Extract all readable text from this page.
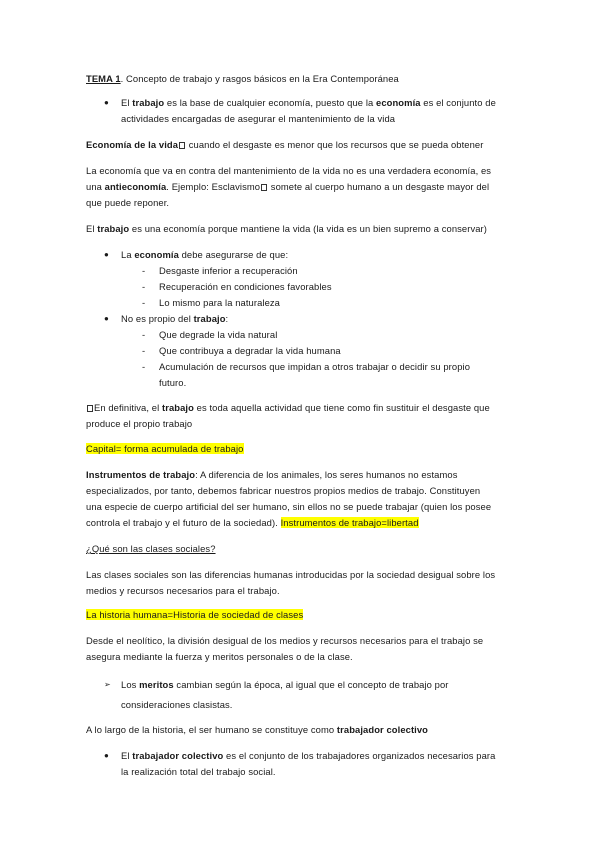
TEMA 1. Concepto de trabajo y rasgos básicos en la Era Contemporánea
● El trabajo es la base de cualquier economía, puesto que la economía es el conjunto de
actividades encargadas de asegurar el mantenimiento de la vida
Economía de la vida cuando el desgaste es menor que los recursos que se pueda obtener
La economía que va en contra del mantenimiento de la vida no es una verdadera economía, es
una antieconomía. Ejemplo: Esclavismo somete al cuerpo humano a un desgaste mayor del
que puede reponer.
El trabajo es una economía porque mantiene la vida (la vida es un bien supremo a conservar)
● La economía debe asegurarse de que:
- Desgaste inferior a recuperación
- Recuperación en condiciones favorables
- Lo mismo para la naturaleza
● No es propio del trabajo:
- Que degrade la vida natural
- Que contribuya a degradar la vida humana
- Acumulación de recursos que impidan a otros trabajar o decidir su propio
futuro.
En definitiva, el trabajo es toda aquella actividad que tiene como fin sustituir el desgaste que
produce el propio trabajo
Capital= forma acumulada de trabajo
Instrumentos de trabajo: A diferencia de los animales, los seres humanos no estamos
especializados, por tanto, debemos fabricar nuestros propios medios de trabajo. Constituyen
una especie de cuerpo artificial del ser humano, sin ellos no se puede trabajar (quien los posee
controla el trabajo y el futuro de la sociedad). Instrumentos de trabajo=libertad
¿Qué son las clases sociales?
Las clases sociales son las diferencias humanas introducidas por la sociedad desigual sobre los
medios y recursos necesarios para el trabajo.
La historia humana=Historia de sociedad de clases
Desde el neolítico, la división desigual de los medios y recursos necesarios para el trabajo se
asegura mediante la fuerza y meritos personales o de la clase.
➢ Los meritos cambian según la época, al igual que el concepto de trabajo por
consideraciones clasistas.
A lo largo de la historia, el ser humano se constituye como trabajador colectivo
● El trabajador colectivo es el conjunto de los trabajadores organizados necesarios para
la realización total del trabajo social.
